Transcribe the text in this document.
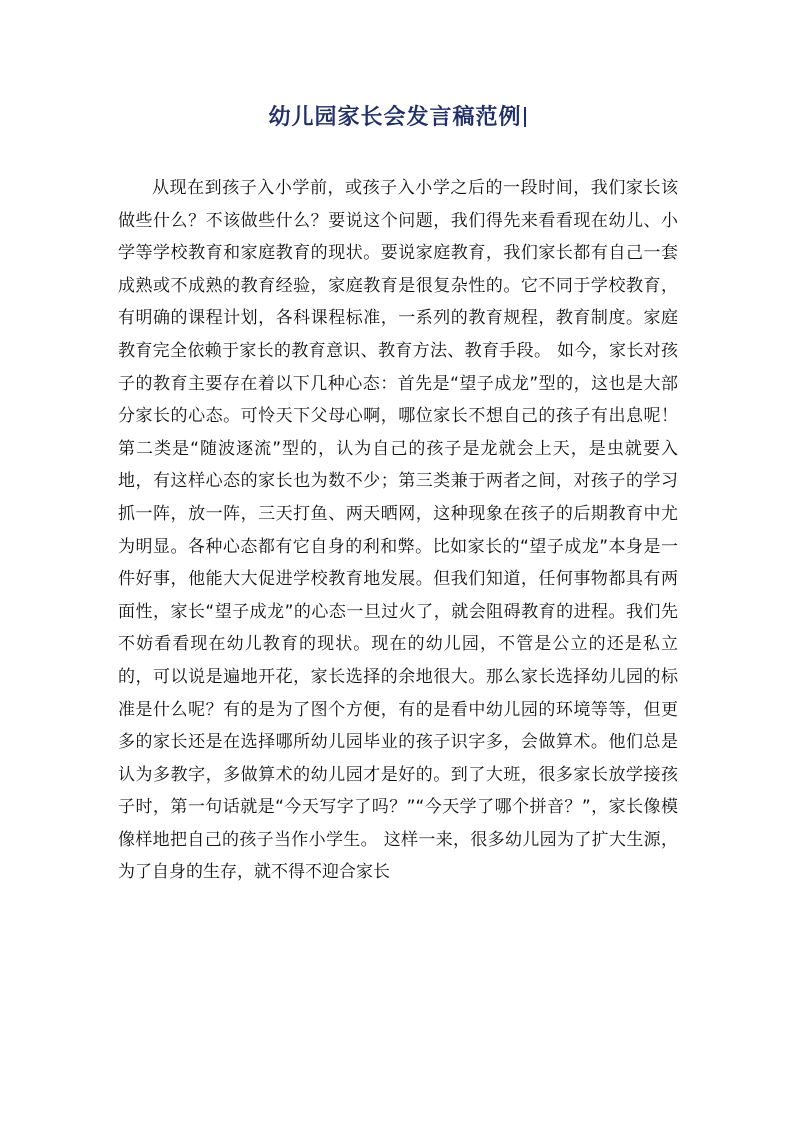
幼儿园家长会发言稿范例

从现在到孩子入小学前，或孩子入小学之后的一段时间，我们家长该做些什么？不该做些什么？要说这个问题，我们得先来看看现在幼儿、小学等学校教育和家庭教育的现状。要说家庭教育，我们家长都有自己一套成熟或不成熟的教育经验，家庭教育是很复杂性的。它不同于学校教育，有明确的课程计划，各科课程标准，一系列的教育规程，教育制度。家庭教育完全依赖于家长的教育意识、教育方法、教育手段。 如今，家长对孩子的教育主要存在着以下几种心态：首先是“望子成龙”型的，这也是大部分家长的心态。可怜天下父母心啊，哪位家长不想自己的孩子有出息呢！第二类是“随波逐流”型的，认为自己的孩子是龙就会上天，是虫就要入地，有这样心态的家长也为数不少；第三类兼于两者之间，对孩子的学习抓一阵，放一阵，三天打鱼、两天晒网，这种现象在孩子的后期教育中尤为明显。各种心态都有它自身的利和弊。比如家长的“望子成龙”本身是一件好事，他能大大促进学校教育地发展。但我们知道，任何事物都具有两面性，家长“望子成龙”的心态一旦过火了，就会阻碍教育的进程。我们先不妨看看现在幼儿教育的现状。现在的幼儿园，不管是公立的还是私立的，可以说是遍地开花，家长选择的余地很大。那么家长选择幼儿园的标准是什么呢？有的是为了图个方便，有的是看中幼儿园的环境等等，但更多的家长还是在选择哪所幼儿园毕业的孩子识字多，会做算术。他们总是认为多教字，多做算术的幼儿园才是好的。到了大班，很多家长放学接孩子时，第一句话就是“今天写字了吗？”“今天学了哪个拼音？”，家长像模像样地把自己的孩子当作小学生。 这样一来，很多幼儿园为了扩大生源，为了自身的生存，就不得不迎合家长
